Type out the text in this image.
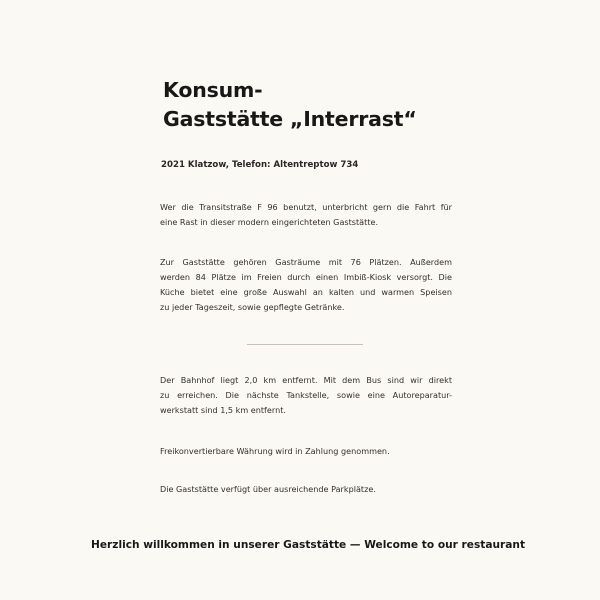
Konsum-
Gaststätte „Interrast“
2021 Klatzow, Telefon: Altentreptow 734
Wer die Transitstraße F 96 benutzt, unterbricht gern die Fahrt für
eine Rast in dieser modern eingerichteten Gaststätte.
Zur Gaststätte gehören Gasträume mit 76 Plätzen. Außerdem
werden 84 Plätze im Freien durch einen Imbiß-Kiosk versorgt. Die
Küche bietet eine große Auswahl an kalten und warmen Speisen
zu jeder Tageszeit, sowie gepflegte Getränke.
Der Bahnhof liegt 2,0 km entfernt. Mit dem Bus sind wir direkt
zu erreichen. Die nächste Tankstelle, sowie eine Autoreparatur-
werkstatt sind 1,5 km entfernt.
Freikonvertierbare Währung wird in Zahlung genommen.
Die Gaststätte verfügt über ausreichende Parkplätze.
Herzlich willkommen in unserer Gaststätte — Welcome to our restaurant
